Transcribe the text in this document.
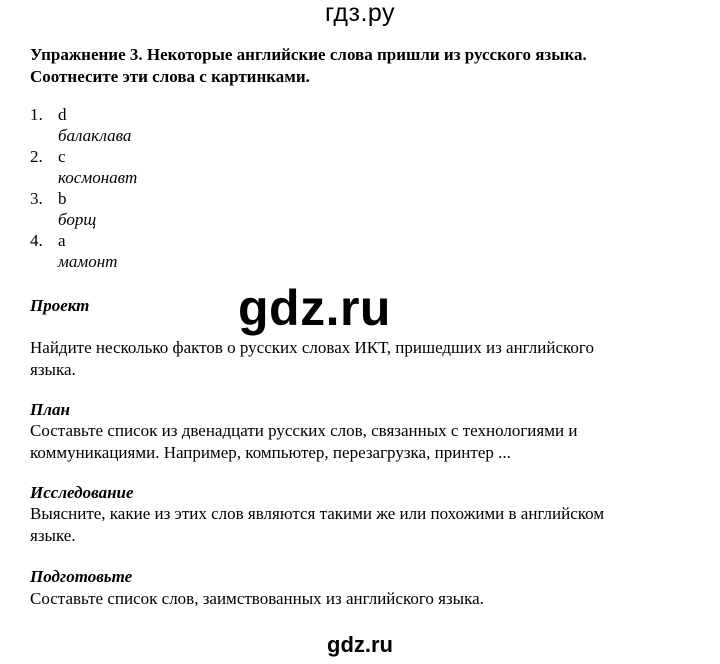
гдз.ру
Упражнение 3. Некоторые английские слова пришли из русского языка.
Соотнесите эти слова с картинками.
1. d
балаклава
2. c
космонавт
3. b
борщ
4. a
мамонт
gdz.ru
Проект
Найдите несколько фактов о русских словах ИКТ, пришедших из английского
языка.
План
Составьте список из двенадцати русских слов, связанных с технологиями и
коммуникациями. Например, компьютер, перезагрузка, принтер ...
Исследование
Выясните, какие из этих слов являются такими же или похожими в английском
языке.
Подготовьте
Составьте список слов, заимствованных из английского языка.
gdz.ru
